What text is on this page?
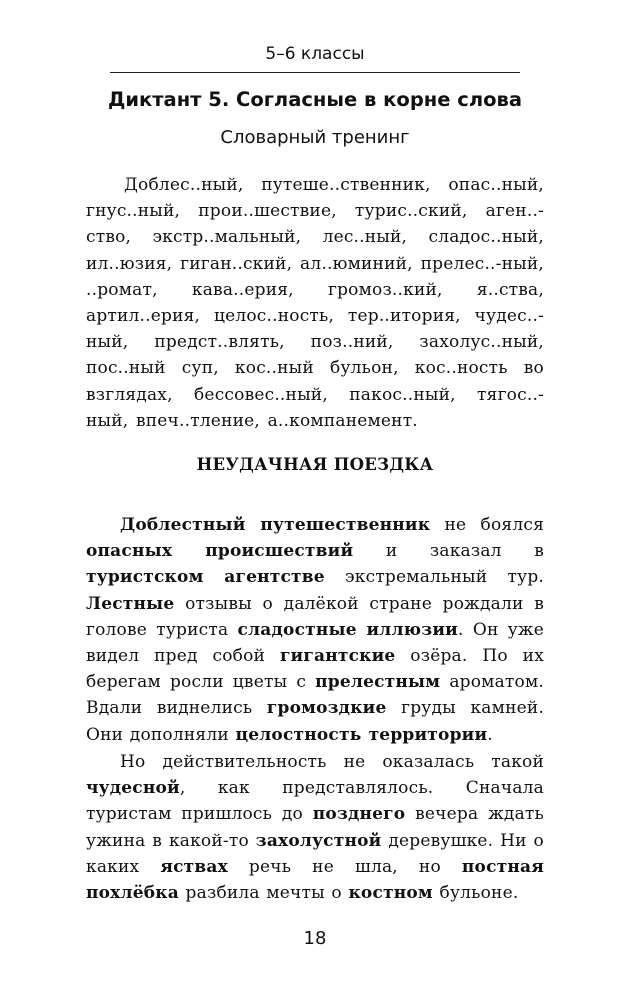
5–6 классы
Диктант 5. Согласные в корне слова
Словарный тренинг

Доблес..ный, путеше..ственник, опас..ный, гнус..ный, прои..шествие, турис..ский, аген..-ство, экстр..мальный, лес..ный, сладос..ный, ил..юзия, гиган..ский, ал..юминий, прелес..-ный, ..ромат, кава..ерия, громоз..кий, я..ства, артил..ерия, целос..ность, тер..итория, чудес..-ный, предст..влять, поз..ний, захолус..ный, пос..ный суп, кос..ный бульон, кос..ность во взглядах, бессовес..ный, пакос..ный, тягос..-ный, впеч..тление, а..компанемент.

НЕУДАЧНАЯ ПОЕЗДКА

Доблестный путешественник не боялся опасных происшествий и заказал в туристском агентстве экстремальный тур. Лестные отзывы о далёкой стране рождали в голове туриста сладостные иллюзии. Он уже видел пред собой гигантские озёра. По их берегам росли цветы с прелестным ароматом. Вдали виднелись громоздкие груды камней. Они дополняли целостность территории.

Но действительность не оказалась такой чудесной, как представлялось. Сначала туристам пришлось до позднего вечера ждать ужина в какой-то захолустной деревушке. Ни о каких яствах речь не шла, но постная похлёбка разбила мечты о костном бульоне.

18
